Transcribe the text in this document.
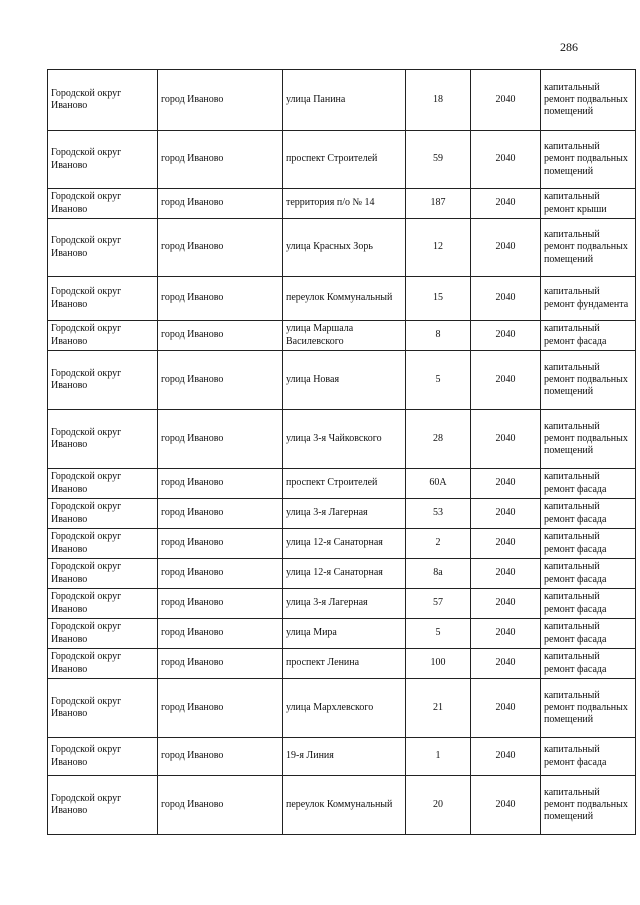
286
Городской округ Иваново	город Иваново	улица Панина	18	2040	капитальный ремонт подвальных помещений
Городской округ Иваново	город Иваново	проспект Строителей	59	2040	капитальный ремонт подвальных помещений
Городской округ Иваново	город Иваново	территория п/о № 14	187	2040	капитальный ремонт крыши
Городской округ Иваново	город Иваново	улица Красных Зорь	12	2040	капитальный ремонт подвальных помещений
Городской округ Иваново	город Иваново	переулок Коммунальный	15	2040	капитальный ремонт фундамента
Городской округ Иваново	город Иваново	улица Маршала Василевского	8	2040	капитальный ремонт фасада
Городской округ Иваново	город Иваново	улица Новая	5	2040	капитальный ремонт подвальных помещений
Городской округ Иваново	город Иваново	улица 3-я Чайковского	28	2040	капитальный ремонт подвальных помещений
Городской округ Иваново	город Иваново	проспект Строителей	60А	2040	капитальный ремонт фасада
Городской округ Иваново	город Иваново	улица 3-я Лагерная	53	2040	капитальный ремонт фасада
Городской округ Иваново	город Иваново	улица 12-я Санаторная	2	2040	капитальный ремонт фасада
Городской округ Иваново	город Иваново	улица 12-я Санаторная	8а	2040	капитальный ремонт фасада
Городской округ Иваново	город Иваново	улица 3-я Лагерная	57	2040	капитальный ремонт фасада
Городской округ Иваново	город Иваново	улица Мира	5	2040	капитальный ремонт фасада
Городской округ Иваново	город Иваново	проспект Ленина	100	2040	капитальный ремонт фасада
Городской округ Иваново	город Иваново	улица Мархлевского	21	2040	капитальный ремонт подвальных помещений
Городской округ Иваново	город Иваново	19-я Линия	1	2040	капитальный ремонт фасада
Городской округ Иваново	город Иваново	переулок Коммунальный	20	2040	капитальный ремонт подвальных помещений
